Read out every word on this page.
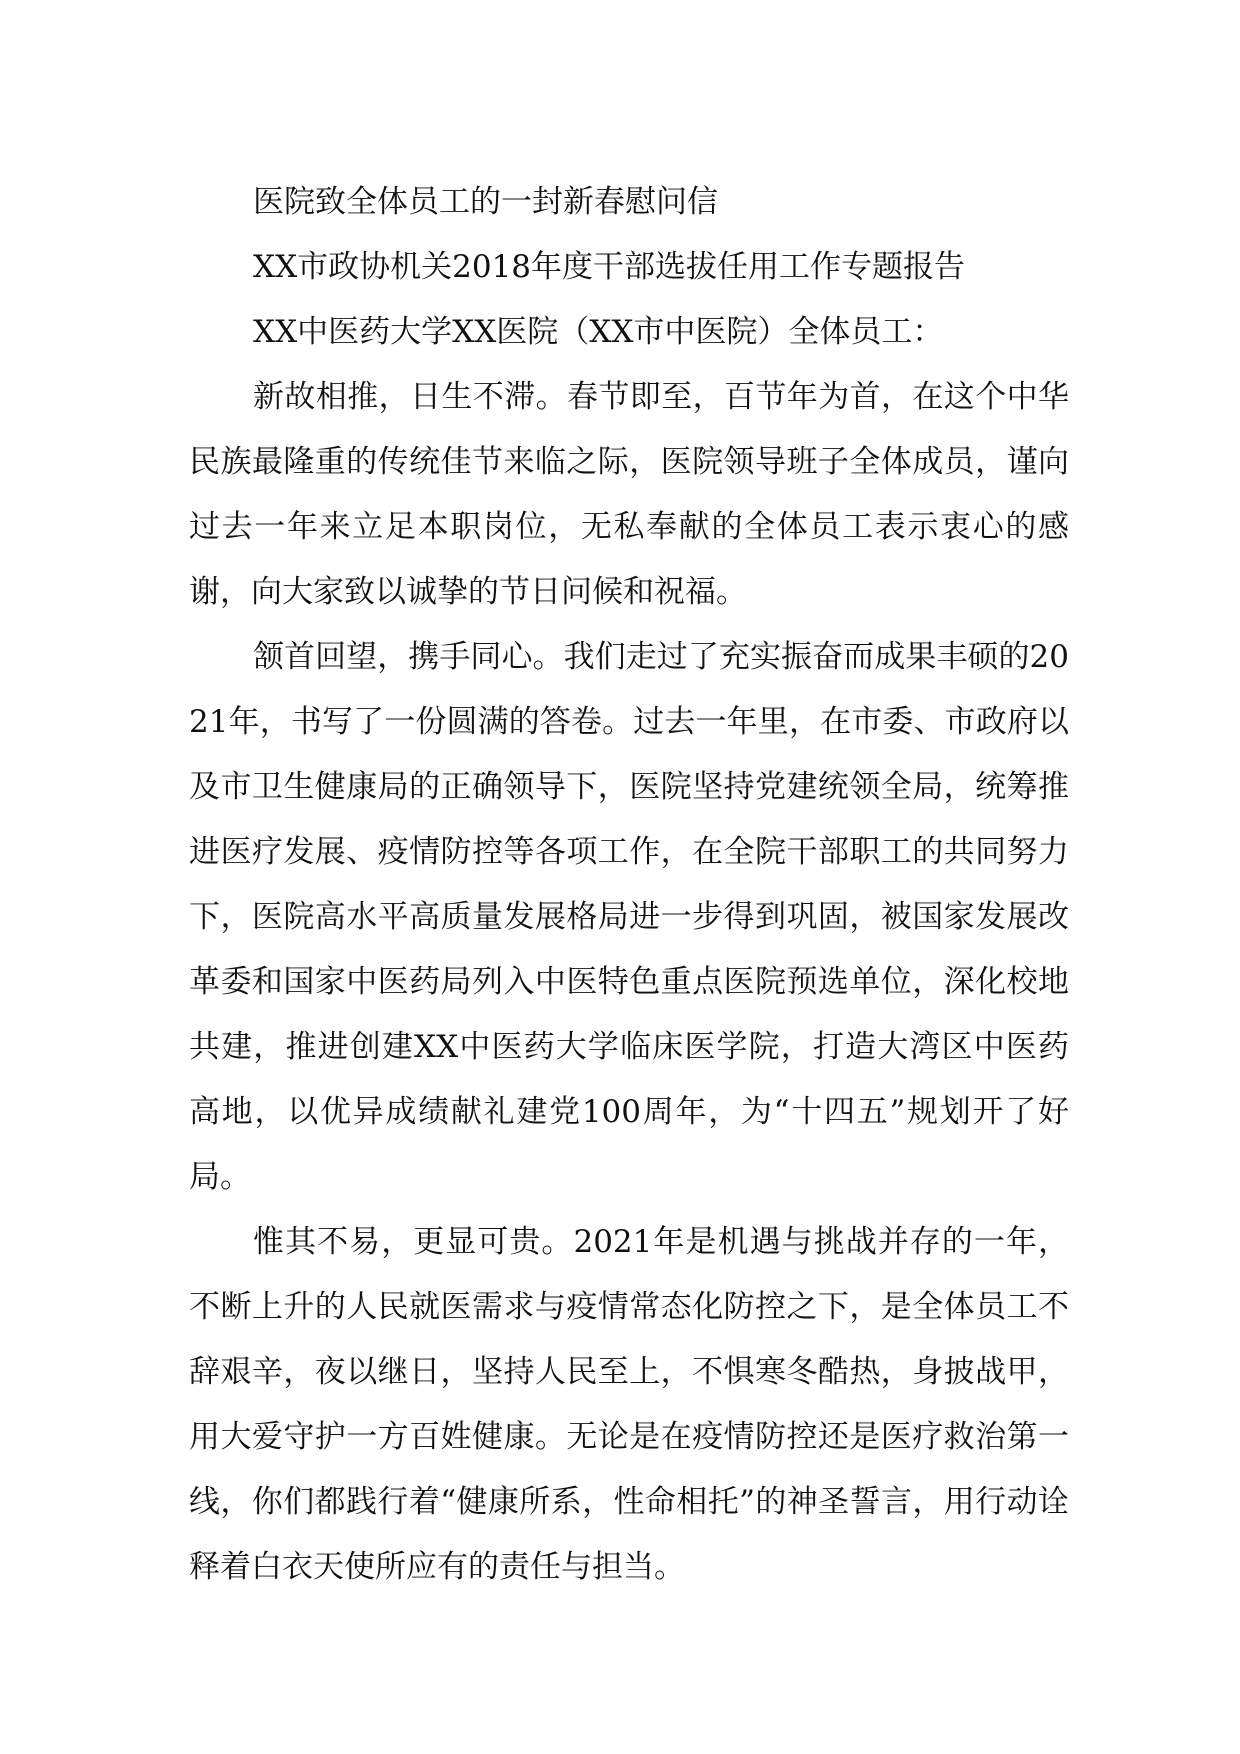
医院致全体员工的一封新春慰问信

XX市政协机关2018年度干部选拔任用工作专题报告

XX中医药大学XX医院（XX市中医院）全体员工：

新故相推，日生不滞。春节即至，百节年为首，在这个中华民族最隆重的传统佳节来临之际，医院领导班子全体成员，谨向过去一年来立足本职岗位，无私奉献的全体员工表示衷心的感谢，向大家致以诚挚的节日问候和祝福。

颔首回望，携手同心。我们走过了充实振奋而成果丰硕的2021年，书写了一份圆满的答卷。过去一年里，在市委、市政府以及市卫生健康局的正确领导下，医院坚持党建统领全局，统筹推进医疗发展、疫情防控等各项工作，在全院干部职工的共同努力下，医院高水平高质量发展格局进一步得到巩固，被国家发展改革委和国家中医药局列入中医特色重点医院预选单位，深化校地共建，推进创建XX中医药大学临床医学院，打造大湾区中医药高地，以优异成绩献礼建党100周年，为“十四五”规划开了好局。

惟其不易，更显可贵。2021年是机遇与挑战并存的一年，不断上升的人民就医需求与疫情常态化防控之下，是全体员工不辞艰辛，夜以继日，坚持人民至上，不惧寒冬酷热，身披战甲，用大爱守护一方百姓健康。无论是在疫情防控还是医疗救治第一线，你们都践行着“健康所系，性命相托”的神圣誓言，用行动诠释着白衣天使所应有的责任与担当。
